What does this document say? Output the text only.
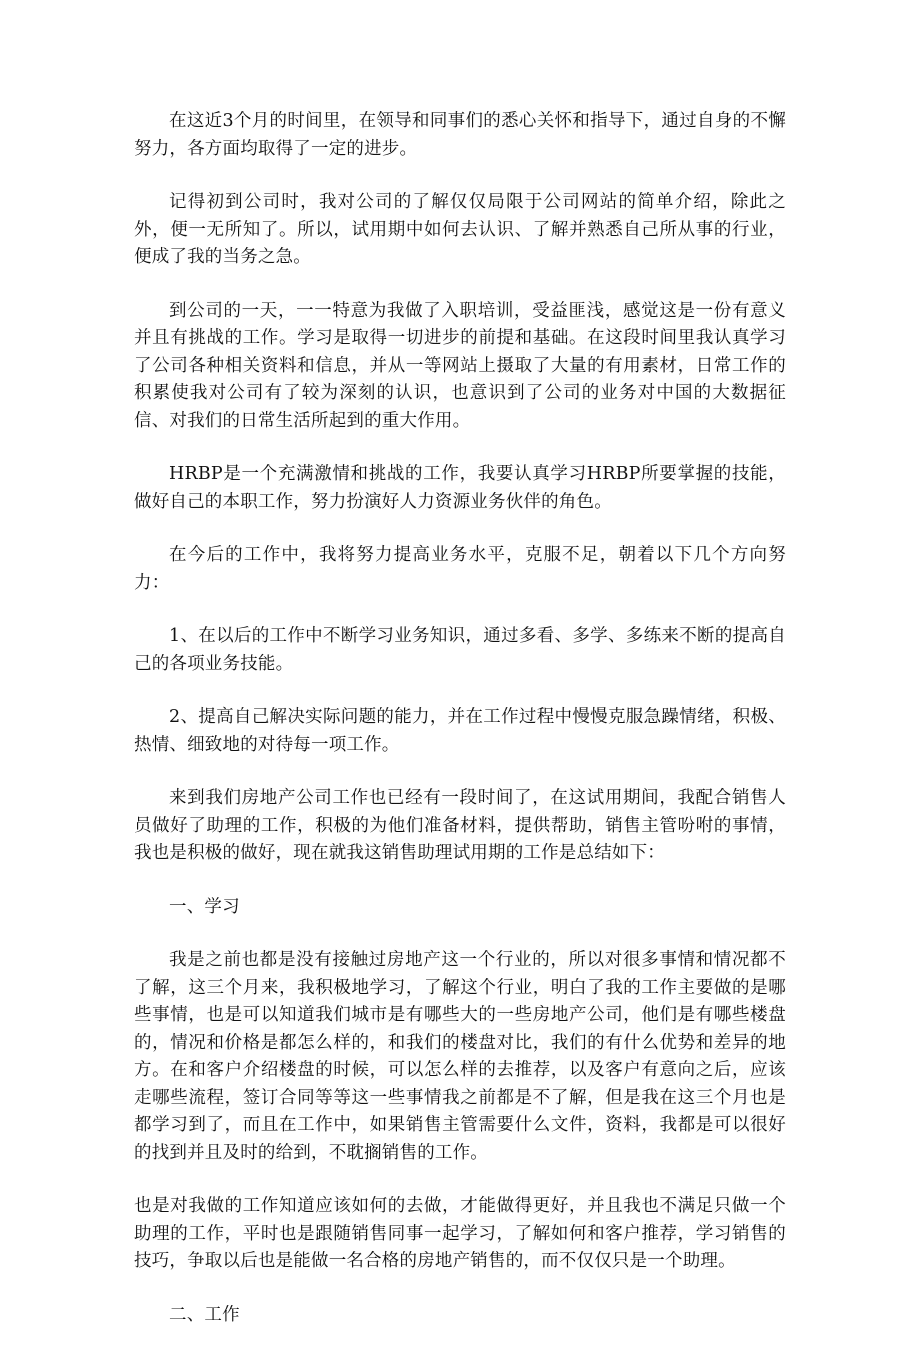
在这近3个月的时间里，在领导和同事们的悉心关怀和指导下，通过自身的不懈努力，各方面均取得了一定的进步。

记得初到公司时，我对公司的了解仅仅局限于公司网站的简单介绍，除此之外，便一无所知了。所以，试用期中如何去认识、了解并熟悉自己所从事的行业，便成了我的当务之急。

到公司的一天，一一特意为我做了入职培训，受益匪浅，感觉这是一份有意义并且有挑战的工作。学习是取得一切进步的前提和基础。在这段时间里我认真学习了公司各种相关资料和信息，并从一等网站上摄取了大量的有用素材，日常工作的积累使我对公司有了较为深刻的认识，也意识到了公司的业务对中国的大数据征信、对我们的日常生活所起到的重大作用。

HRBP是一个充满激情和挑战的工作，我要认真学习HRBP所要掌握的技能，做好自己的本职工作，努力扮演好人力资源业务伙伴的角色。

在今后的工作中，我将努力提高业务水平，克服不足，朝着以下几个方向努力：

1、在以后的工作中不断学习业务知识，通过多看、多学、多练来不断的提高自己的各项业务技能。

2、提高自己解决实际问题的能力，并在工作过程中慢慢克服急躁情绪，积极、热情、细致地的对待每一项工作。

来到我们房地产公司工作也已经有一段时间了，在这试用期间，我配合销售人员做好了助理的工作，积极的为他们准备材料，提供帮助，销售主管吩咐的事情，我也是积极的做好，现在就我这销售助理试用期的工作是总结如下：

一、学习

我是之前也都是没有接触过房地产这一个行业的，所以对很多事情和情况都不了解，这三个月来，我积极地学习，了解这个行业，明白了我的工作主要做的是哪些事情，也是可以知道我们城市是有哪些大的一些房地产公司，他们是有哪些楼盘的，情况和价格是都怎么样的，和我们的楼盘对比，我们的有什么优势和差异的地方。在和客户介绍楼盘的时候，可以怎么样的去推荐，以及客户有意向之后，应该走哪些流程，签订合同等等这一些事情我之前都是不了解，但是我在这三个月也是都学习到了，而且在工作中，如果销售主管需要什么文件，资料，我都是可以很好的找到并且及时的给到，不耽搁销售的工作。

也是对我做的工作知道应该如何的去做，才能做得更好，并且我也不满足只做一个助理的工作，平时也是跟随销售同事一起学习，了解如何和客户推荐，学习销售的技巧，争取以后也是能做一名合格的房地产销售的，而不仅仅只是一个助理。

二、工作
